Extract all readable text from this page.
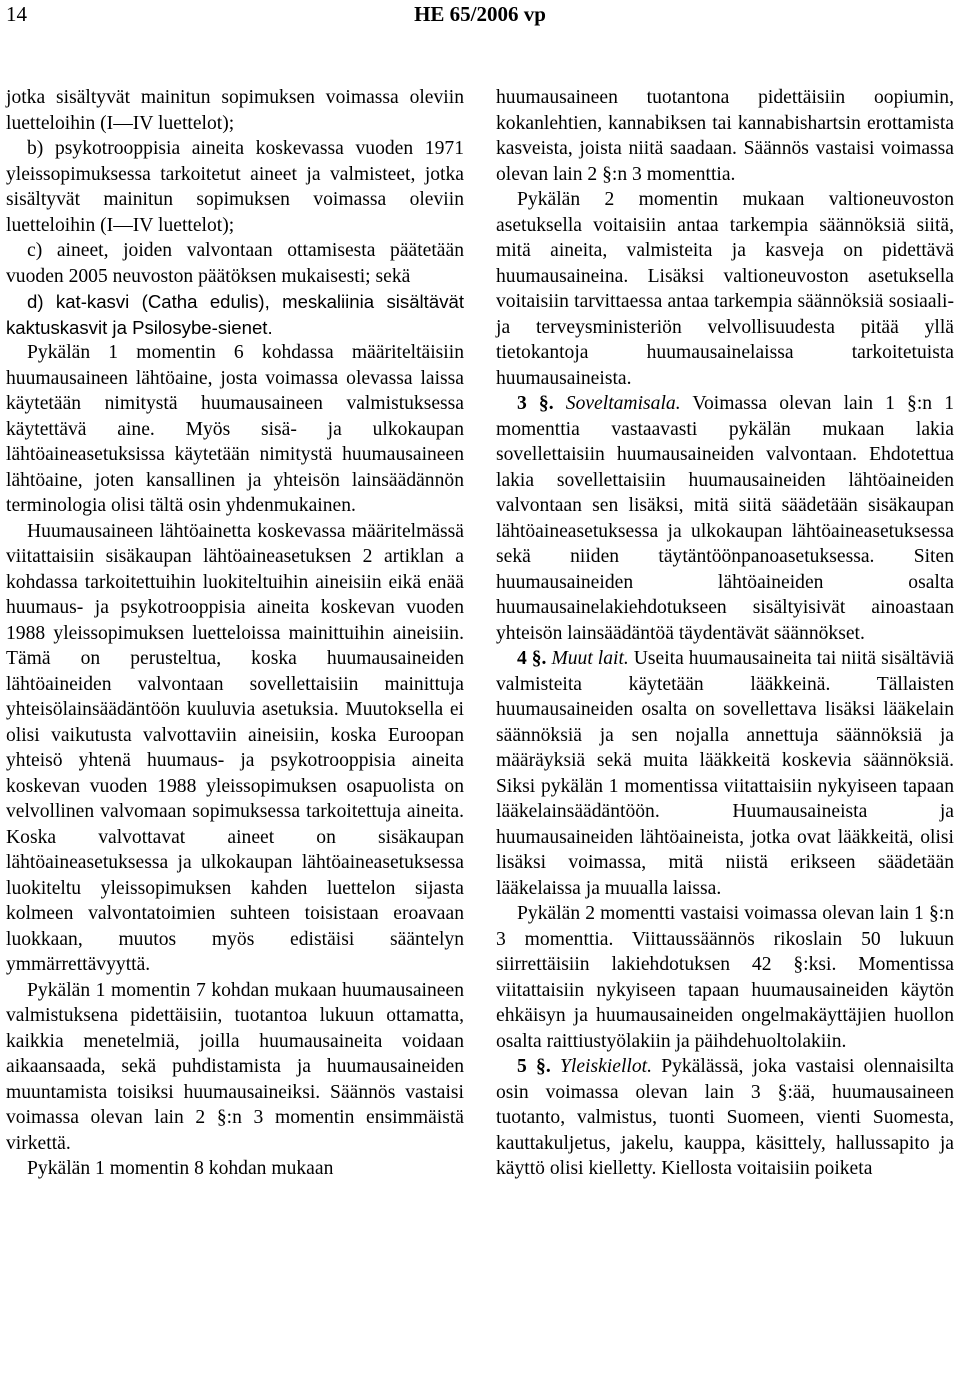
14	HE 65/2006 vp

jotka sisältyvät mainitun sopimuksen voimassa oleviin luetteloihin (I—IV luettelot);

b) psykotrooppisia aineita koskevassa vuoden 1971 yleissopimuksessa tarkoitetut aineet ja valmisteet, jotka sisältyvät mainitun sopimuksen voimassa oleviin luetteloihin (I—IV luettelot);

c) aineet, joiden valvontaan ottamisesta päätetään vuoden 2005 neuvoston päätöksen mukaisesti; sekä

d) kat-kasvi (Catha edulis), meskaliinia sisältävät kaktuskasvit ja Psilosybe-sienet.

Pykälän 1 momentin 6 kohdassa määriteltäisiin huumausaineen lähtöaine, josta voimassa olevassa laissa käytetään nimitystä huumausaineen valmistuksessa käytettävä aine. Myös sisä- ja ulkokaupan lähtöaineasetuksissa käytetään nimitystä huumausaineen lähtöaine, joten kansallinen ja yhteisön lainsäädännön terminologia olisi tältä osin yhdenmukainen.

Huumausaineen lähtöainetta koskevassa määritelmässä viitattaisiin sisäkaupan lähtöaineasetuksen 2 artiklan a kohdassa tarkoitettuihin luokiteltuihin aineisiin eikä enää huumaus- ja psykotrooppisia aineita koskevan vuoden 1988 yleissopimuksen luetteloissa mainittuihin aineisiin. Tämä on perusteltua, koska huumausaineiden lähtöaineiden valvontaan sovellettaisiin mainittuja yhteisölainsäädäntöön kuuluvia asetuksia. Muutoksella ei olisi vaikutusta valvottaviin aineisiin, koska Euroopan yhteisö yhtenä huumaus- ja psykotrooppisia aineita koskevan vuoden 1988 yleissopimuksen osapuolista on velvollinen valvomaan sopimuksessa tarkoitettuja aineita. Koska valvottavat aineet on sisäkaupan lähtöaineasetuksessa ja ulkokaupan lähtöaineasetuksessa luokiteltu yleissopimuksen kahden luettelon sijasta kolmeen valvontatoimien suhteen toisistaan eroavaan luokkaan, muutos myös edistäisi sääntelyn ymmärrettävyyttä.

Pykälän 1 momentin 7 kohdan mukaan huumausaineen valmistuksena pidettäisiin, tuotantoa lukuun ottamatta, kaikkia menetelmiä, joilla huumausaineita voidaan aikaansaada, sekä puhdistamista ja huumausaineiden muuntamista toisiksi huumausaineiksi. Säännös vastaisi voimassa olevan lain 2 §:n 3 momentin ensimmäistä virkettä.

Pykälän 1 momentin 8 kohdan mukaan

huumausaineen tuotantona pidettäisiin oopiumin, kokanlehtien, kannabiksen tai kannabishartsin erottamista kasveista, joista niitä saadaan. Säännös vastaisi voimassa olevan lain 2 §:n 3 momenttia.

Pykälän 2 momentin mukaan valtioneuvoston asetuksella voitaisiin antaa tarkempia säännöksiä siitä, mitä aineita, valmisteita ja kasveja on pidettävä huumausaineina. Lisäksi valtioneuvoston asetuksella voitaisiin tarvittaessa antaa tarkempia säännöksiä sosiaali- ja terveysministeriön velvollisuudesta pitää yllä tietokantoja huumausainelaissa tarkoitetuista huumausaineista.

3 §. Soveltamisala. Voimassa olevan lain 1 §:n 1 momenttia vastaavasti pykälän mukaan lakia sovellettaisiin huumausaineiden valvontaan. Ehdotettua lakia sovellettaisiin huumausaineiden lähtöaineiden valvontaan sen lisäksi, mitä siitä säädetään sisäkaupan lähtöaineasetuksessa ja ulkokaupan lähtöaineasetuksessa sekä niiden täytäntöönpanoasetuksessa. Siten huumausaineiden lähtöaineiden osalta huumausainelakiehdotukseen sisältyisivät ainoastaan yhteisön lainsäädäntöä täydentävät säännökset.

4 §. Muut lait. Useita huumausaineita tai niitä sisältäviä valmisteita käytetään lääkkeinä. Tällaisten huumausaineiden osalta on sovellettava lisäksi lääkelain säännöksiä ja sen nojalla annettuja säännöksiä ja määräyksiä sekä muita lääkkeitä koskevia säännöksiä. Siksi pykälän 1 momentissa viitattaisiin nykyiseen tapaan lääkelainsäädäntöön. Huumausaineista ja huumausaineiden lähtöaineista, jotka ovat lääkkeitä, olisi lisäksi voimassa, mitä niistä erikseen säädetään lääkelaissa ja muualla laissa.

Pykälän 2 momentti vastaisi voimassa olevan lain 1 §:n 3 momenttia. Viittaussäännös rikoslain 50 lukuun siirrettäisiin lakiehdotuksen 42 §:ksi. Momentissa viitattaisiin nykyiseen tapaan huumausaineiden käytön ehkäisyn ja huumausaineiden ongelmakäyttäjien huollon osalta raittiustyölakiin ja päihdehuoltolakiin.

5 §. Yleiskiellot. Pykälässä, joka vastaisi olennaisilta osin voimassa olevan lain 3 §:ää, huumausaineen tuotanto, valmistus, tuonti Suomeen, vienti Suomesta, kauttakuljetus, jakelu, kauppa, käsittely, hallussapito ja käyttö olisi kielletty. Kiellosta voitaisiin poiketa
